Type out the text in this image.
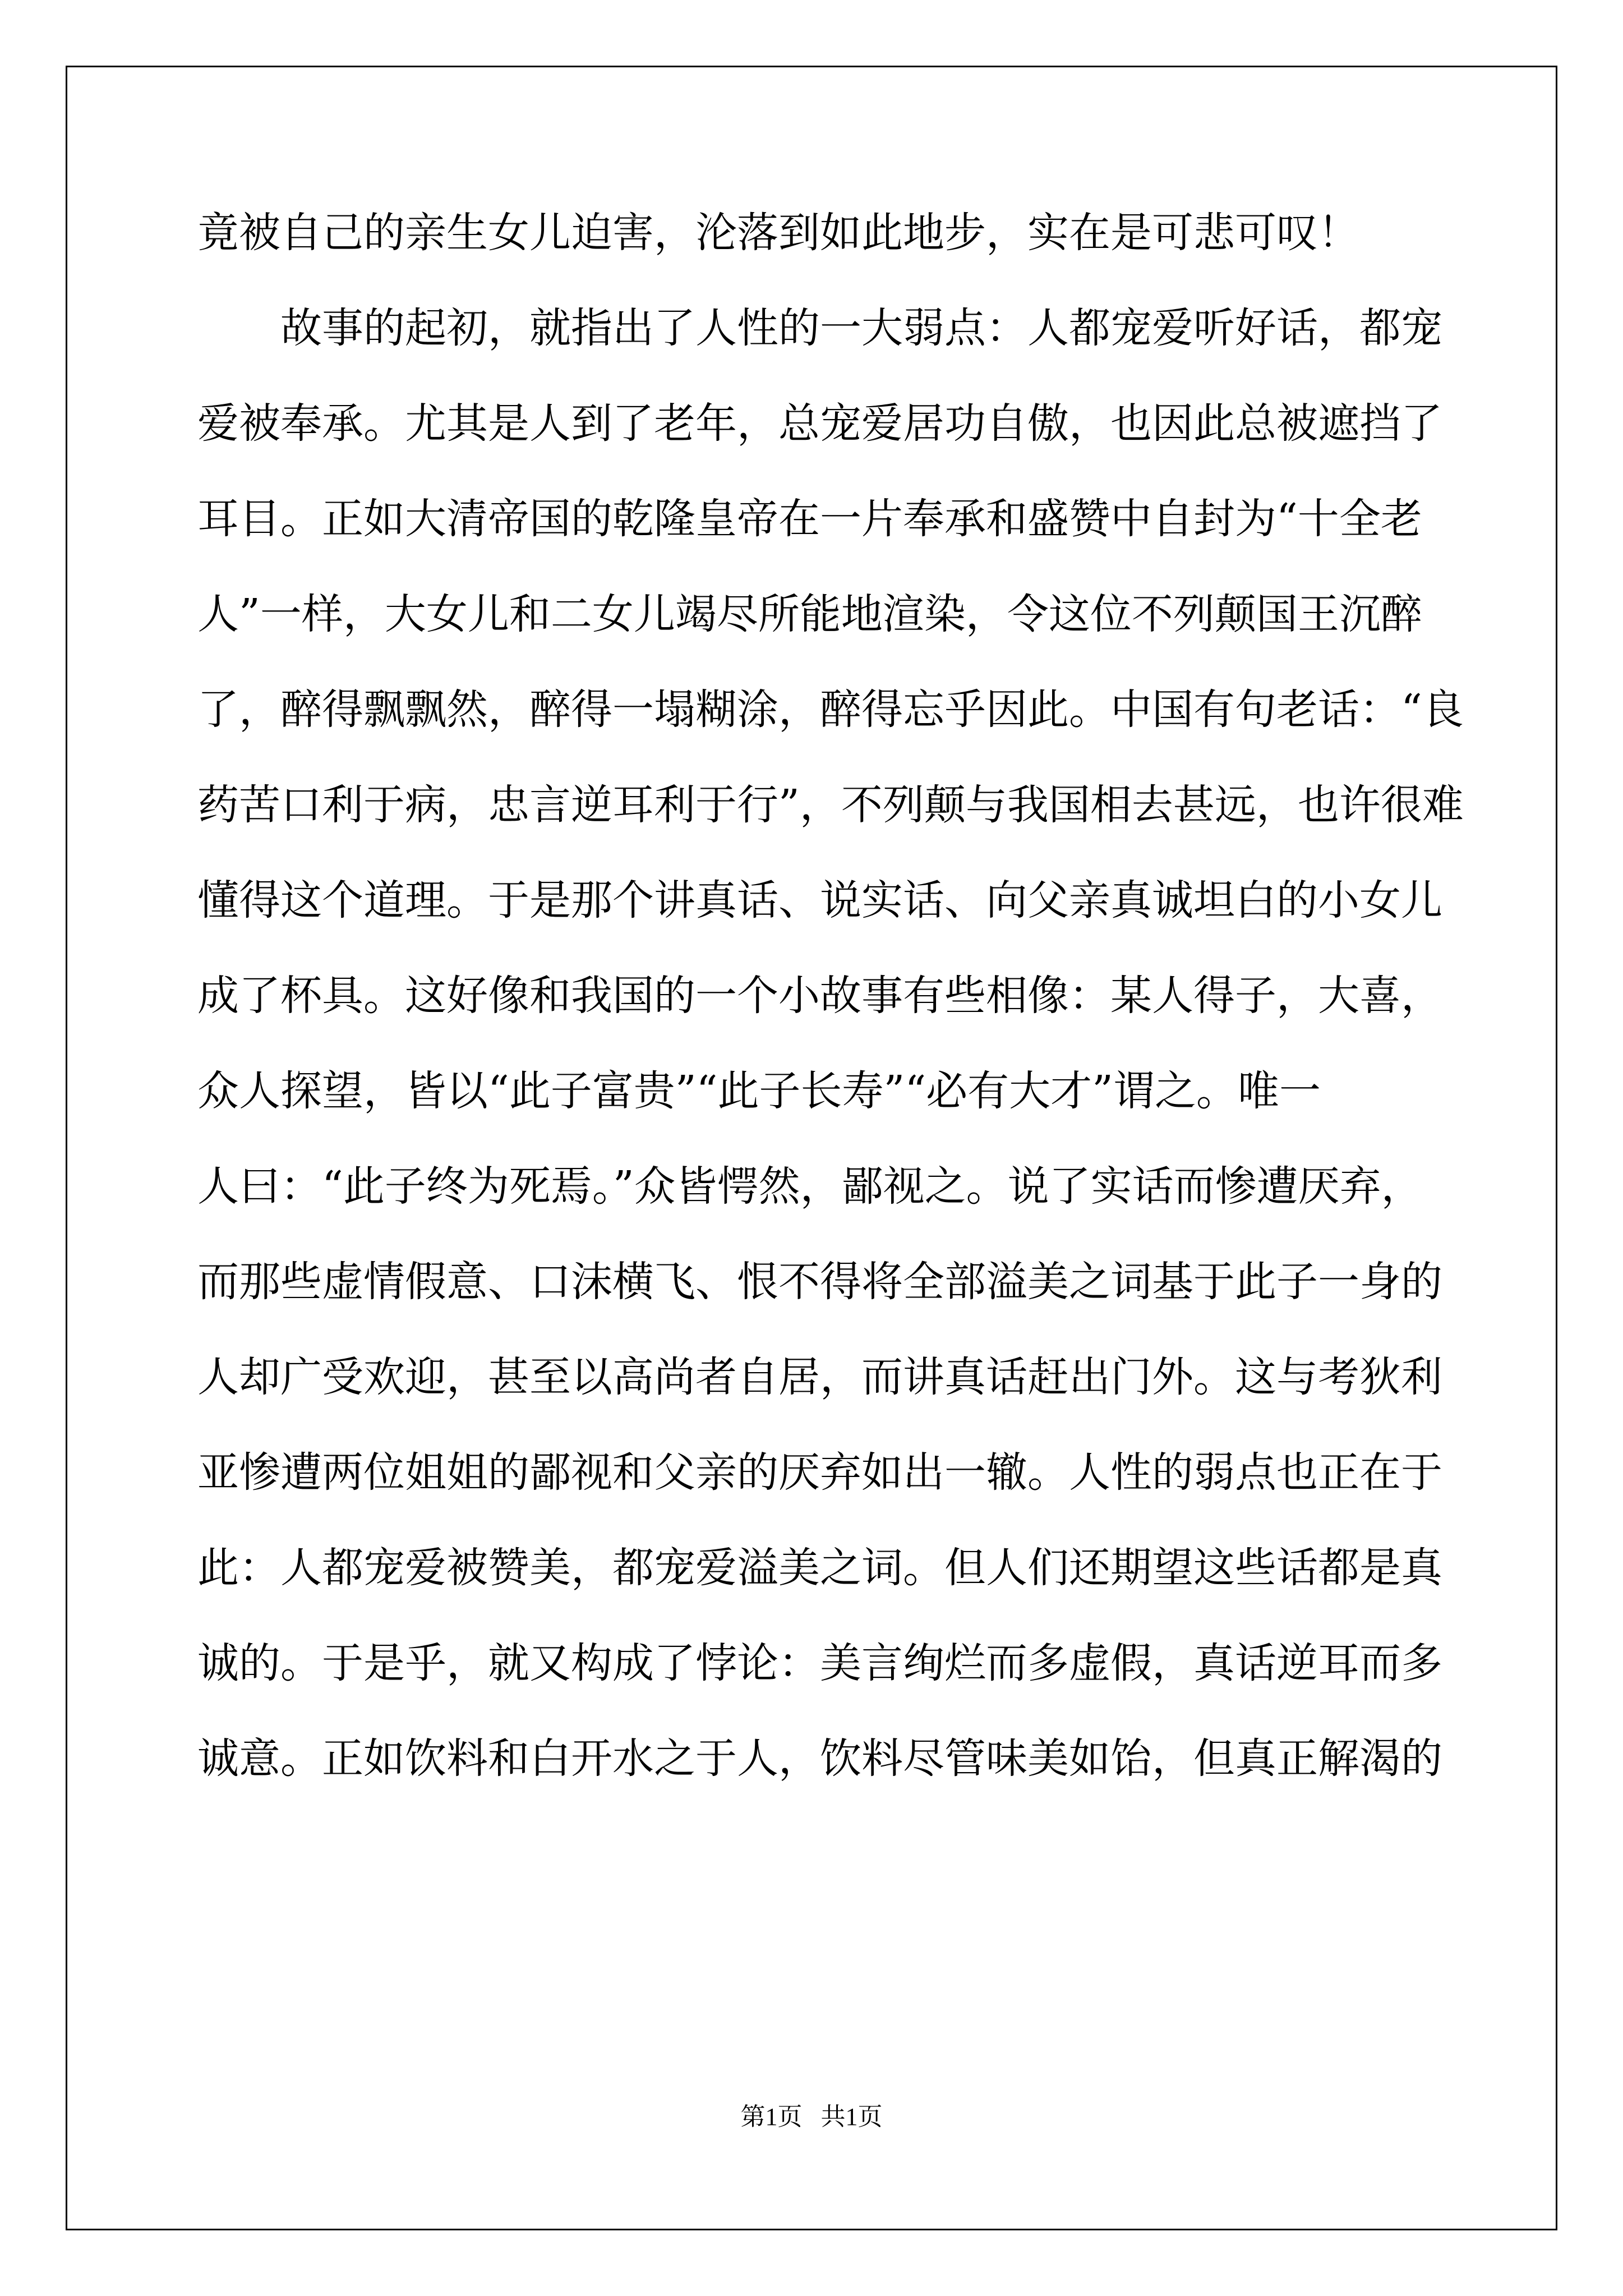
竟被自己的亲生女儿迫害，沦落到如此地步，实在是可悲可叹！
　　故事的起初，就指出了人性的一大弱点：人都宠爱听好话，都宠
爱被奉承。尤其是人到了老年，总宠爱居功自傲，也因此总被遮挡了
耳目。正如大清帝国的乾隆皇帝在一片奉承和盛赞中自封为“十全老
人”一样，大女儿和二女儿竭尽所能地渲染，令这位不列颠国王沉醉
了，醉得飘飘然，醉得一塌糊涂，醉得忘乎因此。中国有句老话：“良
药苦口利于病，忠言逆耳利于行”，不列颠与我国相去甚远，也许很难
懂得这个道理。于是那个讲真话、说实话、向父亲真诚坦白的小女儿
成了杯具。这好像和我国的一个小故事有些相像：某人得子，大喜，
众人探望，皆以“此子富贵”“此子长寿”“必有大才”谓之。唯一
人曰：“此子终为死焉。”众皆愕然，鄙视之。说了实话而惨遭厌弃，
而那些虚情假意、口沫横飞、恨不得将全部溢美之词基于此子一身的
人却广受欢迎，甚至以高尚者自居，而讲真话赶出门外。这与考狄利
亚惨遭两位姐姐的鄙视和父亲的厌弃如出一辙。人性的弱点也正在于
此：人都宠爱被赞美，都宠爱溢美之词。但人们还期望这些话都是真
诚的。于是乎，就又构成了悖论：美言绚烂而多虚假，真话逆耳而多
诚意。正如饮料和白开水之于人，饮料尽管味美如饴，但真正解渴的
第1页 共1页
